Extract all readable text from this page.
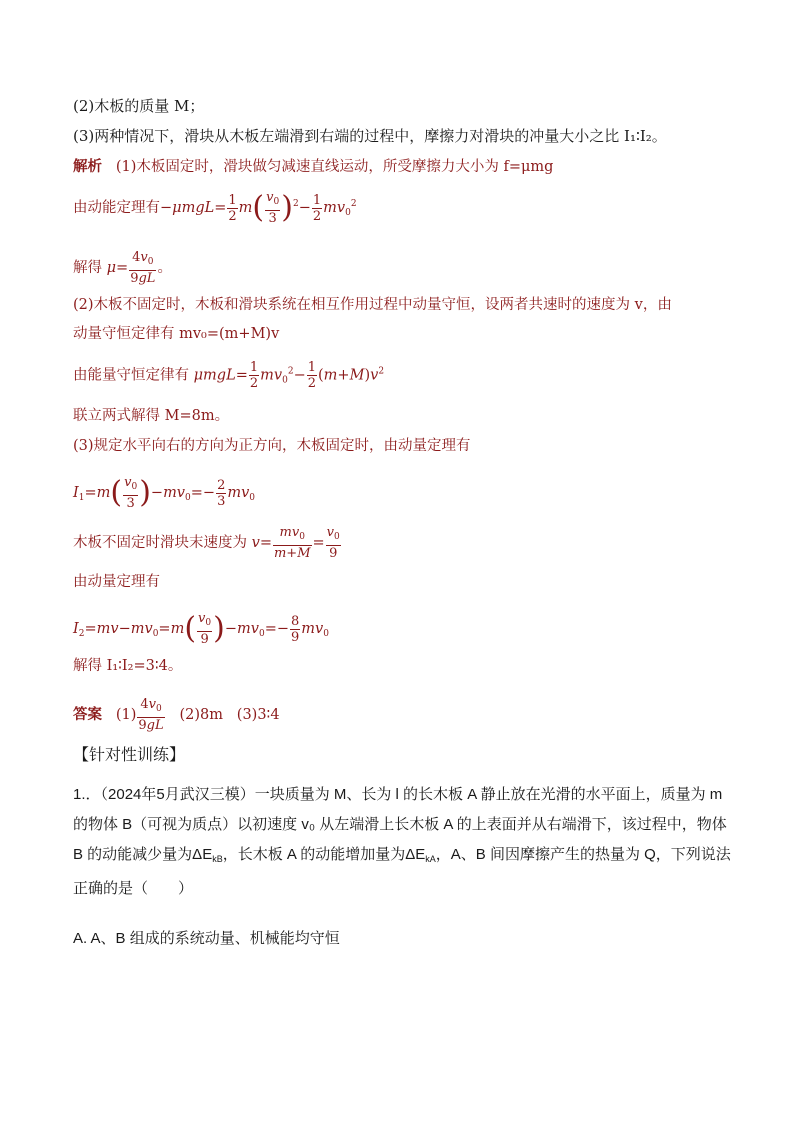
(2)木板的质量 M；
(3)两种情况下，滑块从木板左端滑到右端的过程中，摩擦力对滑块的冲量大小之比 I₁∶I₂。
解析 (1)木板固定时，滑块做匀减速直线运动，所受摩擦力大小为 f=μmg
由动能定理有$-\mu mgL= \frac{1}{2} m( \frac{v_0}{3} )^2- \frac{1}{2} mv_0^2$
解得 $\mu= \frac{4v_0}{9gL}$ 。
(2)木板不固定时，木板和滑块系统在相互作用过程中动量守恒，设两者共速时的速度为 v，由
动量守恒定律有 mv₀=(m+M)v
由能量守恒定律有 $\mu mgL= \frac{1}{2} mv_0^2- \frac{1}{2} (m+M)v^2$
联立两式解得 M=8m。
(3)规定水平向右的方向为正方向，木板固定时，由动量定理有
$I_1=m( \frac{v_0}{3} )-mv_0=- \frac{2}{3} mv_0$
木板不固定时滑块末速度为 $v= \frac{mv_0}{m+M} = \frac{v_0}{9}$
由动量定理有
$I_2=mv-mv_0=m( \frac{v_0}{9} )-mv_0=- \frac{8}{9} mv_0$
解得 I₁∶I₂=3∶4。
答案   $(1) \frac{4v_0}{9gL} (2)8m$ (3)3∶4
【针对性训练】
1.．（2024年5月武汉三模）一块质量为 M、长为 l 的长木板 A 静止放在光滑的水平面上，质量为 m 的物体 B（可视为质点）以初速度 v₀ 从左端滑上长木板 A 的上表面并从右端滑下，该过程中，物体 B 的动能减少量为$\Delta E_{kB}$，长木板 A 的动能增加量为$\Delta E_{kA}$，A、B 间因摩擦产生的热量为 Q，下列说法正确的是（　　）
A. A、B 组成的系统动量、机械能均守恒
